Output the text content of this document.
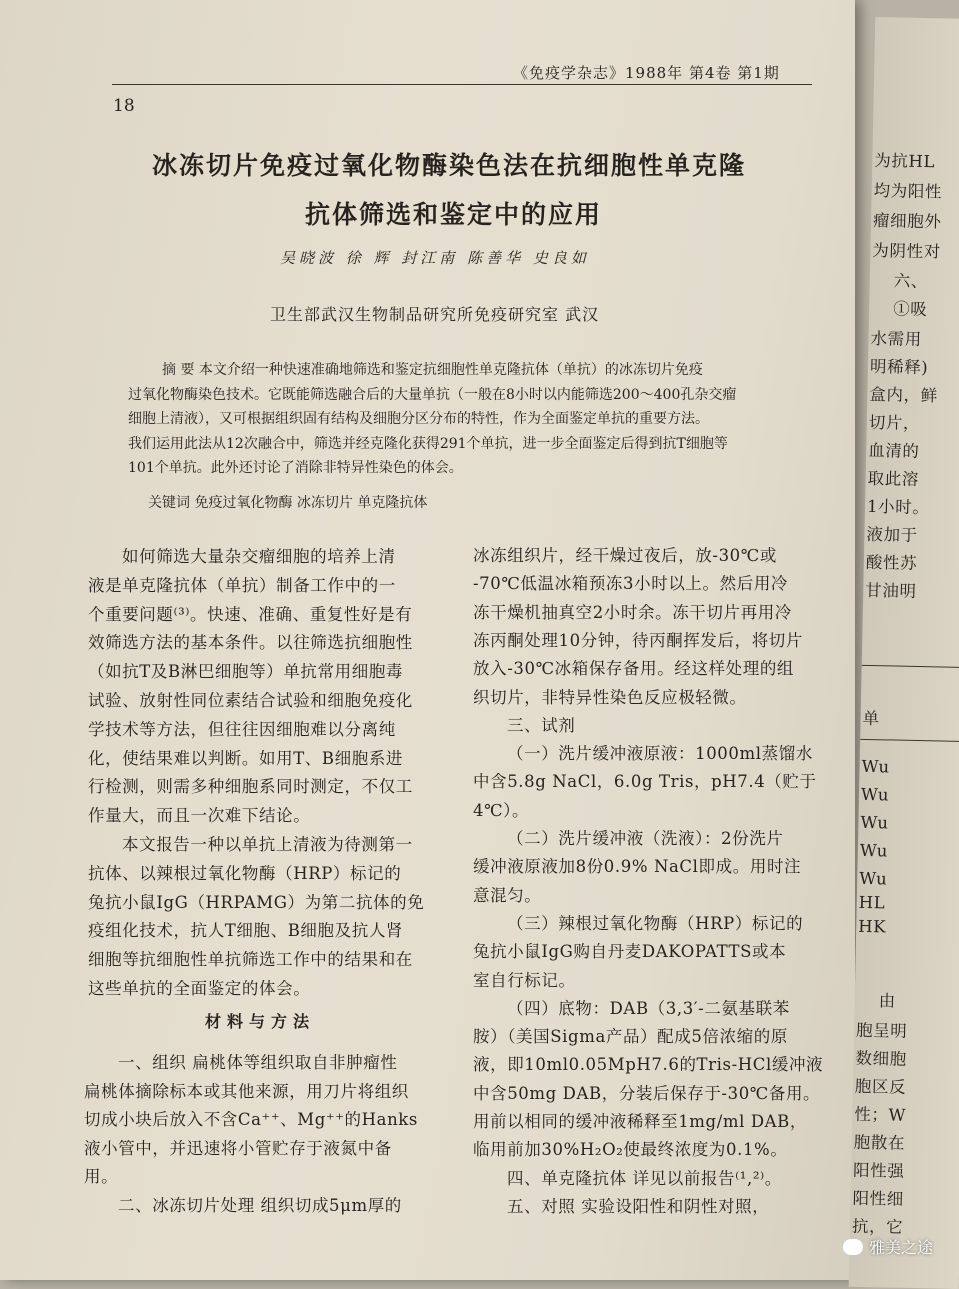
《免疫学杂志》1988年 第4卷 第1期
18
冰冻切片免疫过氧化物酶染色法在抗细胞性单克隆
抗体筛选和鉴定中的应用
吴晓波 徐 辉 封江南 陈善华 史良如
卫生部武汉生物制品研究所免疫研究室 武汉
摘 要 本文介绍一种快速准确地筛选和鉴定抗细胞性单克隆抗体（单抗）的冰冻切片免疫
过氧化物酶染色技术。它既能筛选融合后的大量单抗（一般在8小时以内能筛选200～400孔杂交瘤
细胞上清液），又可根据组织固有结构及细胞分区分布的特性，作为全面鉴定单抗的重要方法。
我们运用此法从12次融合中，筛选并经克隆化获得291个单抗，进一步全面鉴定后得到抗T细胞等
101个单抗。此外还讨论了消除非特异性染色的体会。
关键词 免疫过氧化物酶 冰冻切片 单克隆抗体
如何筛选大量杂交瘤细胞的培养上清
液是单克隆抗体（单抗）制备工作中的一
个重要问题⁽³⁾。快速、准确、重复性好是有
效筛选方法的基本条件。以往筛选抗细胞性
（如抗T及B淋巴细胞等）单抗常用细胞毒
试验、放射性同位素结合试验和细胞免疫化
学技术等方法，但往往因细胞难以分离纯
化，使结果难以判断。如用T、B细胞系进
行检测，则需多种细胞系同时测定，不仅工
作量大，而且一次难下结论。
本文报告一种以单抗上清液为待测第一
抗体、以辣根过氧化物酶（HRP）标记的
兔抗小鼠IgG（HRPAMG）为第二抗体的免
疫组化技术，抗人T细胞、B细胞及抗人肾
细胞等抗细胞性单抗筛选工作中的结果和在
这些单抗的全面鉴定的体会。
材料与方法
一、组织 扁桃体等组织取自非肿瘤性
扁桃体摘除标本或其他来源，用刀片将组织
切成小块后放入不含Ca⁺⁺、Mg⁺⁺的Hanks
液小管中，并迅速将小管贮存于液氮中备
用。
二、冰冻切片处理 组织切成5μm厚的
冰冻组织片，经干燥过夜后，放-30℃或
-70℃低温冰箱预冻3小时以上。然后用冷
冻干燥机抽真空2小时余。冻干切片再用冷
冻丙酮处理10分钟，待丙酮挥发后，将切片
放入-30℃冰箱保存备用。经这样处理的组
织切片，非特异性染色反应极轻微。
三、试剂
（一）洗片缓冲液原液：1000ml蒸馏水
中含5.8g NaCl，6.0g Tris，pH7.4（贮于
4℃）。
（二）洗片缓冲液（洗液）：2份洗片
缓冲液原液加8份0.9% NaCl即成。用时注
意混匀。
（三）辣根过氧化物酶（HRP）标记的
兔抗小鼠IgG购自丹麦DAKOPATTS或本
室自行标记。
（四）底物：DAB（3,3′-二氨基联苯
胺）（美国Sigma产品）配成5倍浓缩的原
液，即10ml0.05MpH7.6的Tris-HCl缓冲液
中含50mg DAB，分装后保存于-30℃备用。
用前以相同的缓冲液稀释至1mg/ml DAB，
临用前加30%H₂O₂使最终浓度为0.1%。
四、单克隆抗体 详见以前报告⁽¹,²⁾。
五、对照 实验设阳性和阴性对照，
为抗HL
均为阳性
瘤细胞外
为阴性对
六、
①吸
水需用
明稀释)
盒内，鲜
切片，
血清的
取此溶
1小时。
液加于
酸性苏
甘油明
单
Wu
Wu
Wu
Wu
Wu
HL
HK
由
胞呈明
数细胞
胞区反
性；W
胞散在
阳性强
阳性细
抗，它
雅美之途
